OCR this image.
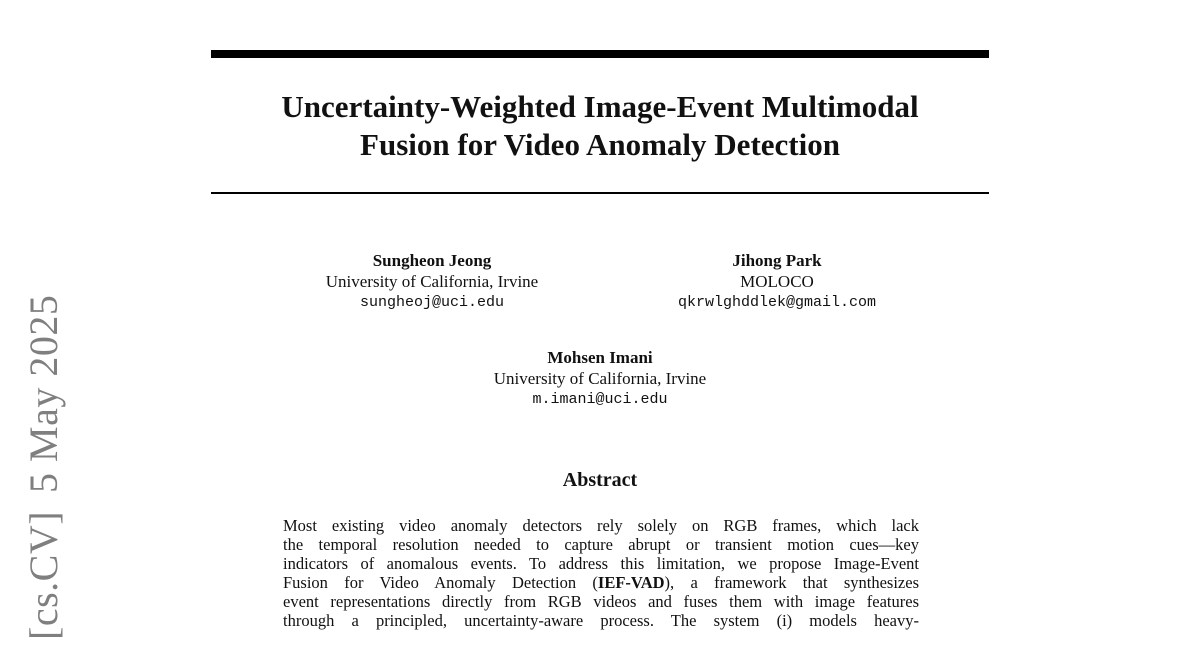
Uncertainty-Weighted Image-Event Multimodal
Fusion for Video Anomaly Detection
Sungheon Jeong
University of California, Irvine
sungheoj@uci.edu
Jihong Park
MOLOCO
qkrwlghddlek@gmail.com
Mohsen Imani
University of California, Irvine
m.imani@uci.edu
Abstract
Most existing video anomaly detectors rely solely on RGB frames, which lack
the temporal resolution needed to capture abrupt or transient motion cues—key
indicators of anomalous events. To address this limitation, we propose Image-Event
Fusion for Video Anomaly Detection (IEF-VAD), a framework that synthesizes
event representations directly from RGB videos and fuses them with image features
through a principled, uncertainty-aware process. The system (i) models heavy-
[cs.CV]5 May 2025
